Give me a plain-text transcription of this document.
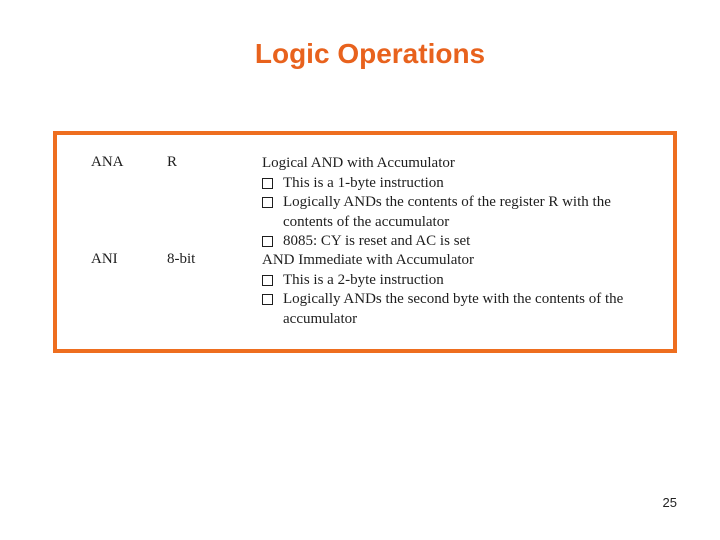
Logic Operations
ANA	R	Logical AND with Accumulator
This is a 1-byte instruction
Logically ANDs the contents of the register R with the contents of the accumulator
8085: CY is reset and AC is set
ANI	8-bit	AND Immediate with Accumulator
This is a 2-byte instruction
Logically ANDs the second byte with the contents of the accumulator
25
